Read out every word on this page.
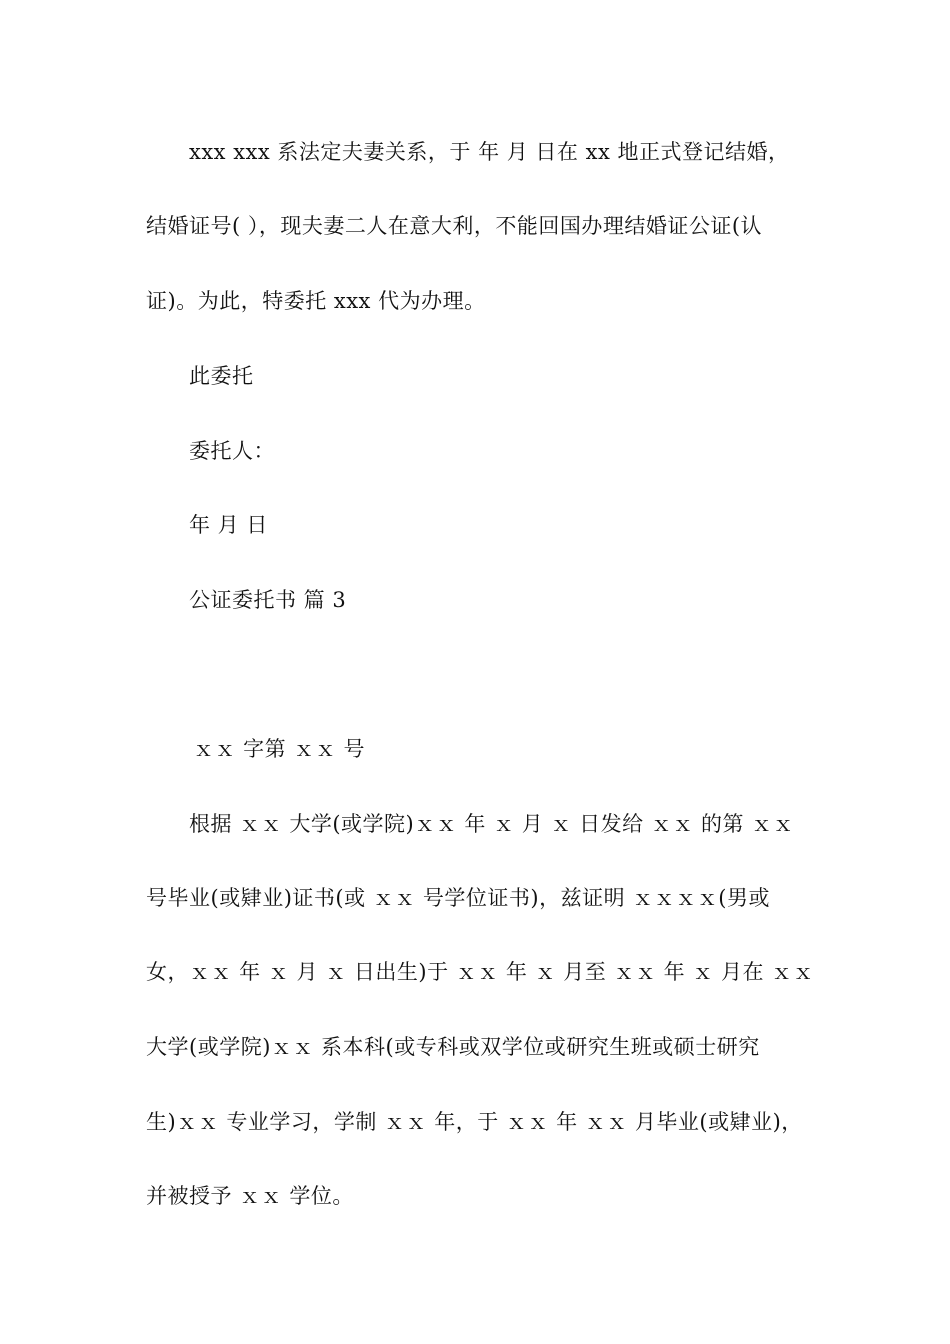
xxx xxx 系法定夫妻关系，于 年 月 日在 xx 地正式登记结婚，
结婚证号( ），现夫妻二人在意大利，不能回国办理结婚证公证(认
证)。为此，特委托 xxx 代为办理。
此委托
委托人：
年 月 日
公证委托书 篇 3
ｘｘ 字第 ｘｘ 号
根据 ｘｘ 大学(或学院)ｘｘ 年 ｘ 月 ｘ 日发给 ｘｘ 的第 ｘｘ
号毕业(或肄业)证书(或 ｘｘ 号学位证书)，兹证明 ｘｘｘｘ(男或
女，ｘｘ 年 ｘ 月 ｘ 日出生)于 ｘｘ 年 ｘ 月至 ｘｘ 年 ｘ 月在 ｘｘ
大学(或学院)ｘｘ 系本科(或专科或双学位或研究生班或硕士研究
生)ｘｘ 专业学习，学制 ｘｘ 年，于 ｘｘ 年 ｘｘ 月毕业(或肄业)，
并被授予 ｘｘ 学位。
